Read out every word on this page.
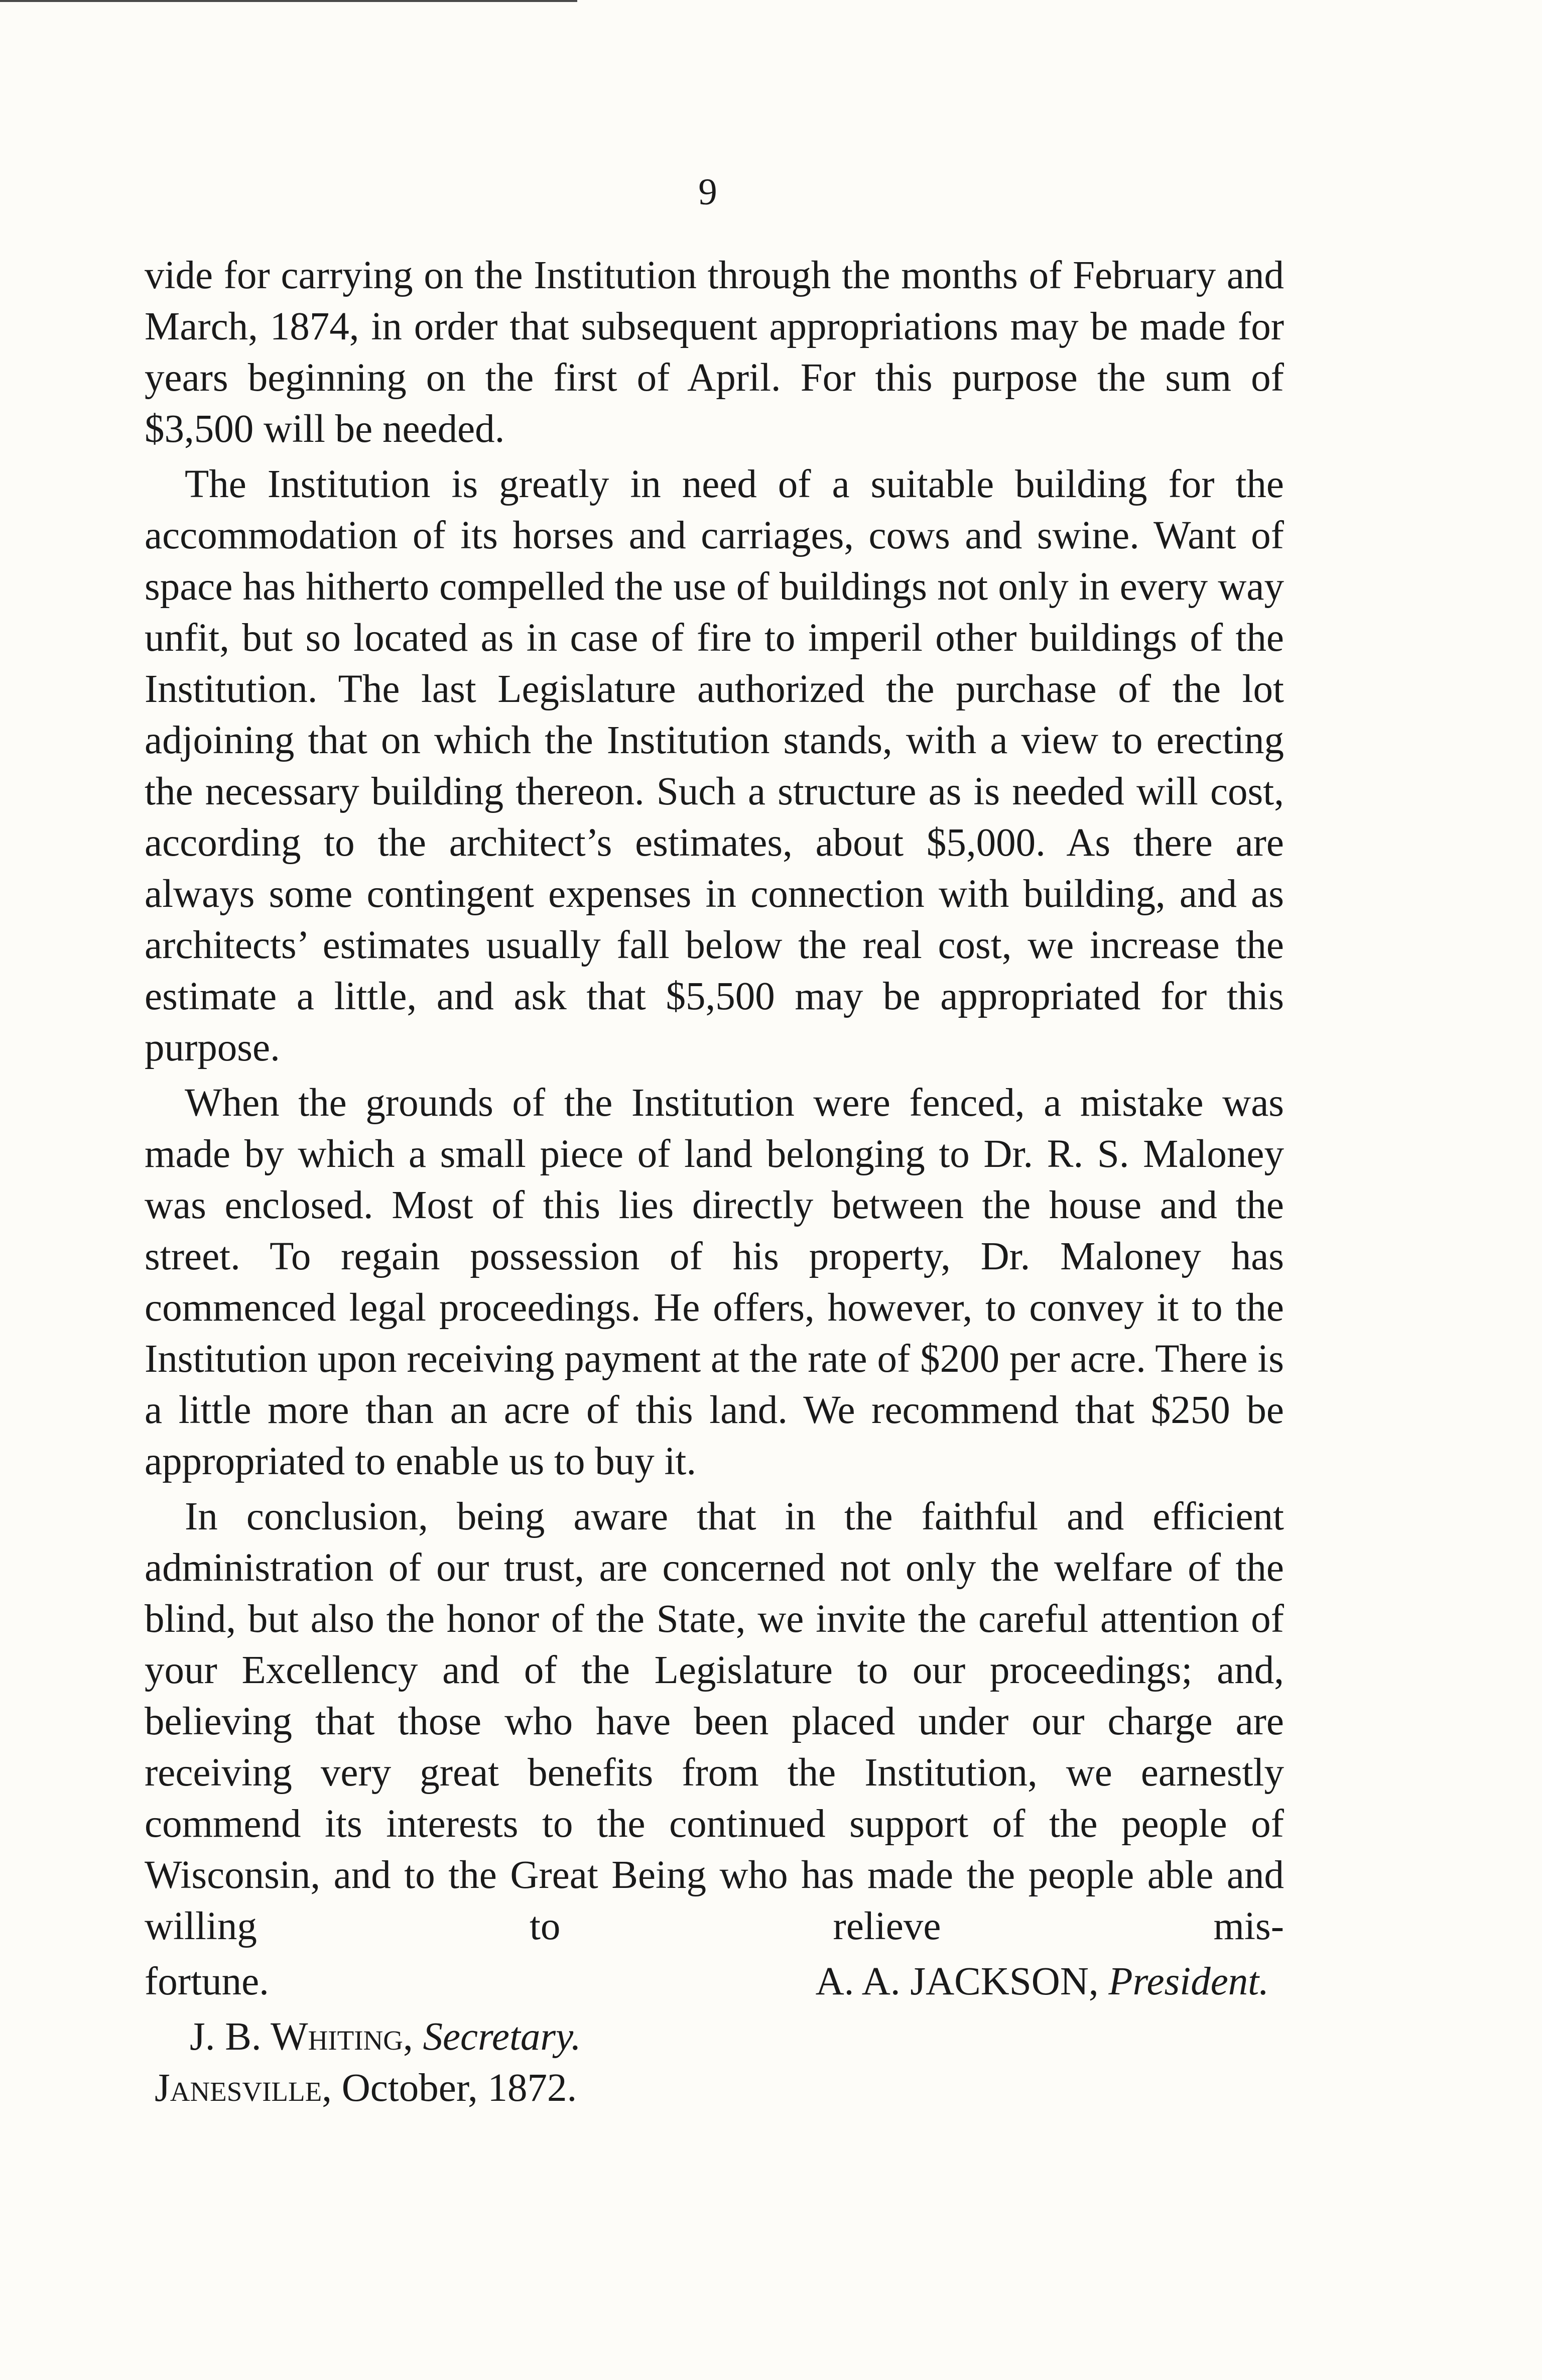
9

vide for carrying on the Institution through the months of February and March, 1874, in order that subsequent appropriations may be made for years beginning on the first of April. For this purpose the sum of $3,500 will be needed.

The Institution is greatly in need of a suitable building for the accommodation of its horses and carriages, cows and swine. Want of space has hitherto compelled the use of buildings not only in every way unfit, but so located as in case of fire to imperil other buildings of the Institution. The last Legislature authorized the purchase of the lot adjoining that on which the Institution stands, with a view to erecting the necessary building thereon. Such a structure as is needed will cost, according to the architect’s estimates, about $5,000. As there are always some contingent expenses in connection with building, and as architects’ estimates usually fall below the real cost, we increase the estimate a little, and ask that $5,500 may be appropriated for this purpose.

When the grounds of the Institution were fenced, a mistake was made by which a small piece of land belonging to Dr. R. S. Maloney was enclosed. Most of this lies directly between the house and the street. To regain possession of his property, Dr. Maloney has commenced legal proceedings. He offers, however, to convey it to the Institution upon receiving payment at the rate of $200 per acre. There is a little more than an acre of this land. We recommend that $250 be appropriated to enable us to buy it.

In conclusion, being aware that in the faithful and efficient administration of our trust, are concerned not only the welfare of the blind, but also the honor of the State, we invite the careful attention of your Excellency and of the Legislature to our proceedings; and, believing that those who have been placed under our charge are receiving very great benefits from the Institution, we earnestly commend its interests to the continued support of the people of Wisconsin, and to the Great Being who has made the people able and willing to relieve mis-

fortune.	A. A. JACKSON, President.
J. B. Whiting, Secretary.
Janesville, October, 1872.
